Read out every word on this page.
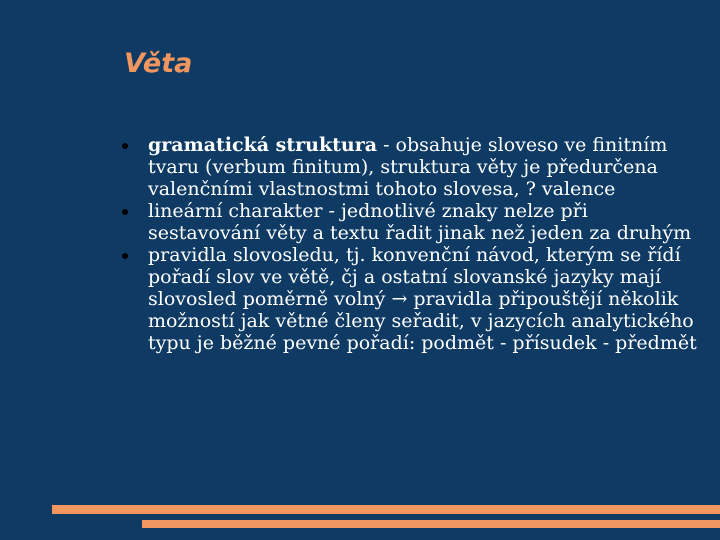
Věta
gramatická struktura - obsahuje sloveso ve finitním tvaru (verbum finitum), struktura věty je předurčena valenčními vlastnostmi tohoto slovesa, ? valence
lineární charakter - jednotlivé znaky nelze při sestavování věty a textu řadit jinak než jeden za druhým
pravidla slovosledu, tj. konvenční návod, kterým se řídí pořadí slov ve větě, čj a ostatní slovanské jazyky mají slovosled poměrně volný → pravidla připouštějí několik možností jak větné členy seřadit, v jazycích analytického typu je běžné pevné pořadí: podmět - přísudek - předmět
